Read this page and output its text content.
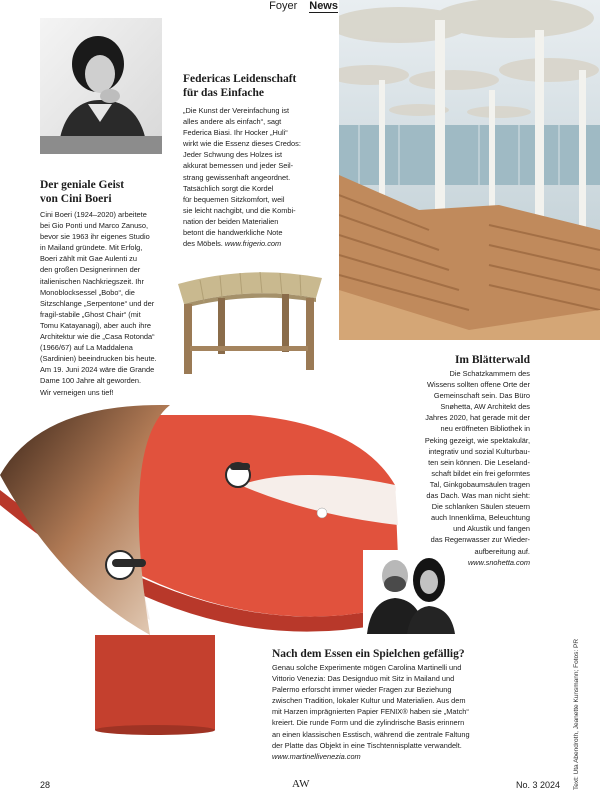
Foyer News
Der geniale Geist
von Cini Boeri

Cini Boeri (1924–2020) arbeitete
bei Gio Ponti und Marco Zanuso,
bevor sie 1963 ihr eigenes Studio
in Mailand gründete. Mit Erfolg,
Boeri zählt mit Gae Aulenti zu
den großen Designerinnen der
italienischen Nachkriegszeit. Ihr
Monoblocksessel „Bobo“, die
Sitzschlange „Serpentone“ und der
fragil-stabile „Ghost Chair“ (mit
Tomu Katayanagi), aber auch ihre
Architektur wie die „Casa Rotonda“
(1966/67) auf La Maddalena
(Sardinien) beeindrucken bis heute.
Am 19. Juni 2024 wäre die Grande
Dame 100 Jahre alt geworden.
Wir verneigen uns tief!

Federicas Leidenschaft
für das Einfache

„Die Kunst der Vereinfachung ist
alles andere als einfach“, sagt
Federica Biasi. Ihr Hocker „Huli“
wirkt wie die Essenz dieses Credos:
Jeder Schwung des Holzes ist
akkurat bemessen und jeder Seil-
strang gewissenhaft angeordnet.
Tatsächlich sorgt die Kordel
für bequemen Sitzkomfort, weil
sie leicht nachgibt, und die Kombi-
nation der beiden Materialien
betont die handwerkliche Note
des Möbels. www.frigerio.com

Im Blätterwald

Die Schatzkammern des
Wissens sollten offene Orte der
Gemeinschaft sein. Das Büro
Snøhetta, AW Architekt des
Jahres 2020, hat gerade mit der
neu eröffneten Bibliothek in
Peking gezeigt, wie spektakulär,
integrativ und sozial Kulturbau-
ten sein können. Die Leseland-
schaft bildet ein frei geformtes
Tal, Ginkgobaumsäulen tragen
das Dach. Was man nicht sieht:
Die schlanken Säulen steuern
auch Innenklima, Beleuchtung
und Akustik und fangen
das Regenwasser zur Wieder-
aufbereitung auf.
www.snohetta.com

Nach dem Essen ein Spielchen gefällig?

Genau solche Experimente mögen Carolina Martinelli und
Vittorio Venezia: Das Designduo mit Sitz in Mailand und
Palermo erforscht immer wieder Fragen zur Beziehung
zwischen Tradition, lokaler Kultur und Materialien. Aus dem
mit Harzen imprägnierten Papier FENIX® haben sie „Match“
kreiert. Die runde Form und die zylindrische Basis erinnern
an einen klassischen Esstisch, während die zentrale Faltung
der Platte das Objekt in eine Tischtennisplatte verwandelt.
www.martinellivenezia.com	Text: Uta Abendroth, Jeanette Kunsmann; Fotos: PR
28	AW	No. 3 2024
